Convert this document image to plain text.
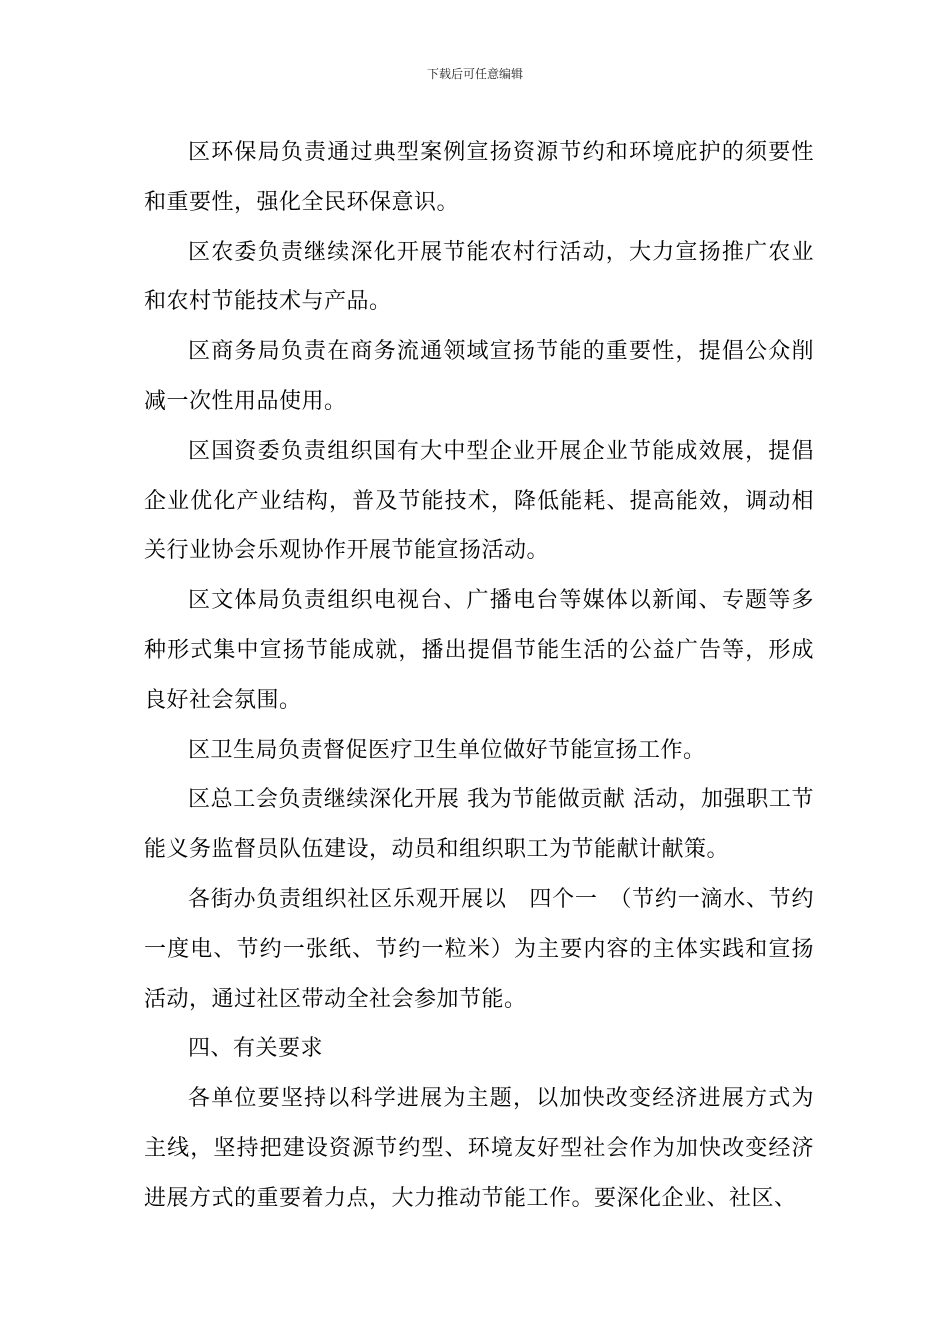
下载后可任意编辑

区环保局负责通过典型案例宣扬资源节约和环境庇护的须要性和重要性，强化全民环保意识。

区农委负责继续深化开展节能农村行活动，大力宣扬推广农业和农村节能技术与产品。

区商务局负责在商务流通领域宣扬节能的重要性，提倡公众削减一次性用品使用。

区国资委负责组织国有大中型企业开展企业节能成效展，提倡企业优化产业结构，普及节能技术，降低能耗、提高能效，调动相关行业协会乐观协作开展节能宣扬活动。

区文体局负责组织电视台、广播电台等媒体以新闻、专题等多种形式集中宣扬节能成就，播出提倡节能生活的公益广告等，形成良好社会氛围。

区卫生局负责督促医疗卫生单位做好节能宣扬工作。

区总工会负责继续深化开展 我为节能做贡献 活动，加强职工节能义务监督员队伍建设，动员和组织职工为节能献计献策。

各街办负责组织社区乐观开展以　四个一　（节约一滴水、节约一度电、节约一张纸、节约一粒米）为主要内容的主体实践和宣扬活动，通过社区带动全社会参加节能。

四、有关要求

各单位要坚持以科学进展为主题，以加快改变经济进展方式为主线，坚持把建设资源节约型、环境友好型社会作为加快改变经济进展方式的重要着力点，大力推动节能工作。要深化企业、社区、
